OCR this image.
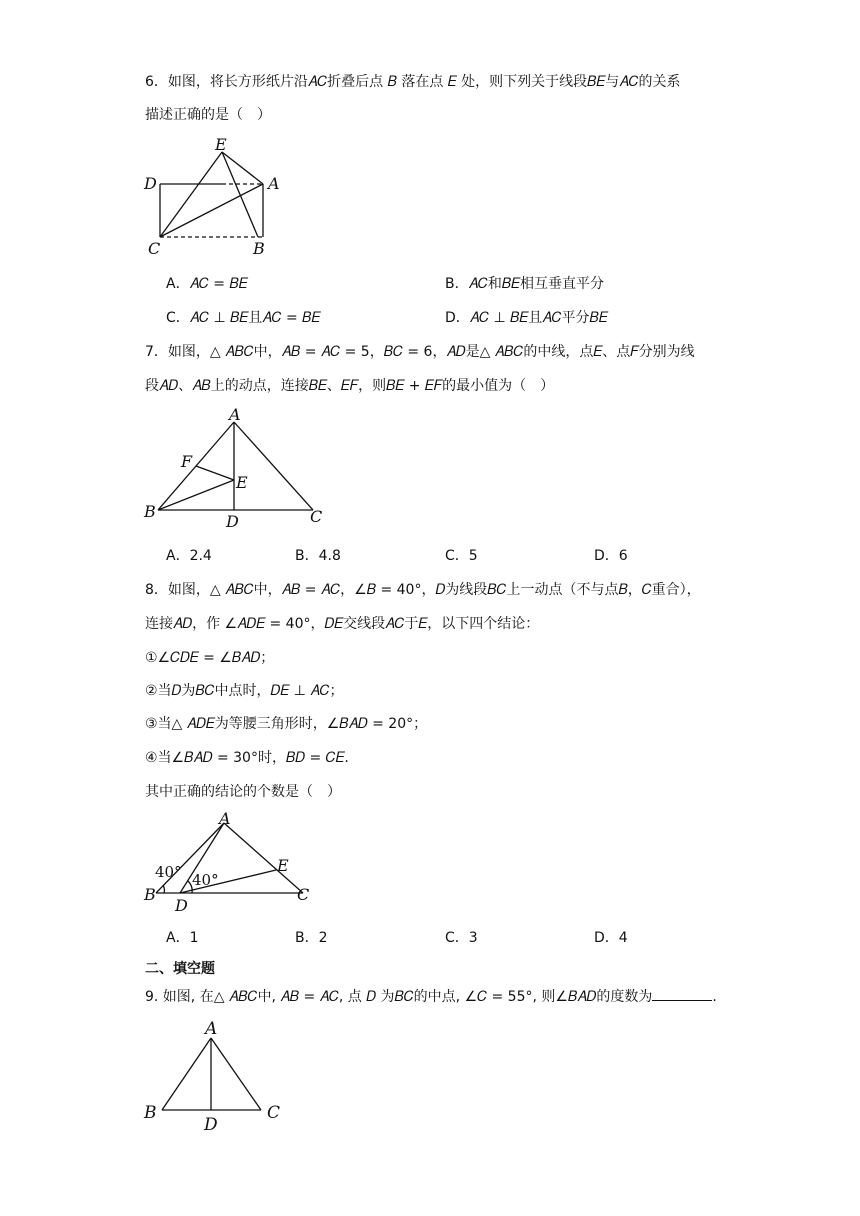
6．如图，将长方形纸片沿𝐴𝐶折叠后点 𝐵 落在点 𝐸 处，则下列关于线段𝐵𝐸与𝐴𝐶的关系
描述正确的是（　）
E
D	A
C	B
A．𝐴𝐶 = 𝐵𝐸	B．𝐴𝐶和𝐵𝐸相互垂直平分
C．𝐴𝐶 ⊥ 𝐵𝐸且𝐴𝐶 = 𝐵𝐸	D．𝐴𝐶 ⊥ 𝐵𝐸且𝐴𝐶平分𝐵𝐸
7．如图，△ 𝐴𝐵𝐶中，𝐴𝐵 = 𝐴𝐶 = 5，𝐵𝐶 = 6，𝐴𝐷是△ 𝐴𝐵𝐶的中线，点𝐸、点𝐹分别为线
段𝐴𝐷、𝐴𝐵上的动点，连接𝐵𝐸、𝐸𝐹，则𝐵𝐸 + 𝐸𝐹的最小值为（　）
A
F
E
B
D	C
A．2.4	B．4.8	C．5	D．6
8．如图，△ 𝐴𝐵𝐶中，𝐴𝐵 = 𝐴𝐶，∠𝐵 = 40°，𝐷为线段𝐵𝐶上一动点（不与点𝐵，𝐶重合），
连接𝐴𝐷，作 ∠𝐴𝐷𝐸 = 40°，𝐷𝐸交线段𝐴𝐶于𝐸，以下四个结论：
①∠𝐶𝐷𝐸 = ∠𝐵𝐴𝐷；
②当𝐷为𝐵𝐶中点时，𝐷𝐸 ⊥ 𝐴𝐶；
③当△ 𝐴𝐷𝐸为等腰三角形时，∠𝐵𝐴𝐷 = 20°；
④当∠𝐵𝐴𝐷 = 30°时，𝐵𝐷 = 𝐶𝐸.
其中正确的结论的个数是（　）
A
E
B
D
C
40° 40°
A．1	B．2	C．3	D．4
二、填空题
9. 如图, 在△ 𝐴𝐵𝐶中, 𝐴𝐵 = 𝐴𝐶, 点 𝐷 为𝐵𝐶的中点, ∠𝐶 = 55°, 则∠𝐵𝐴𝐷的度数为	.
A
B
D
C
